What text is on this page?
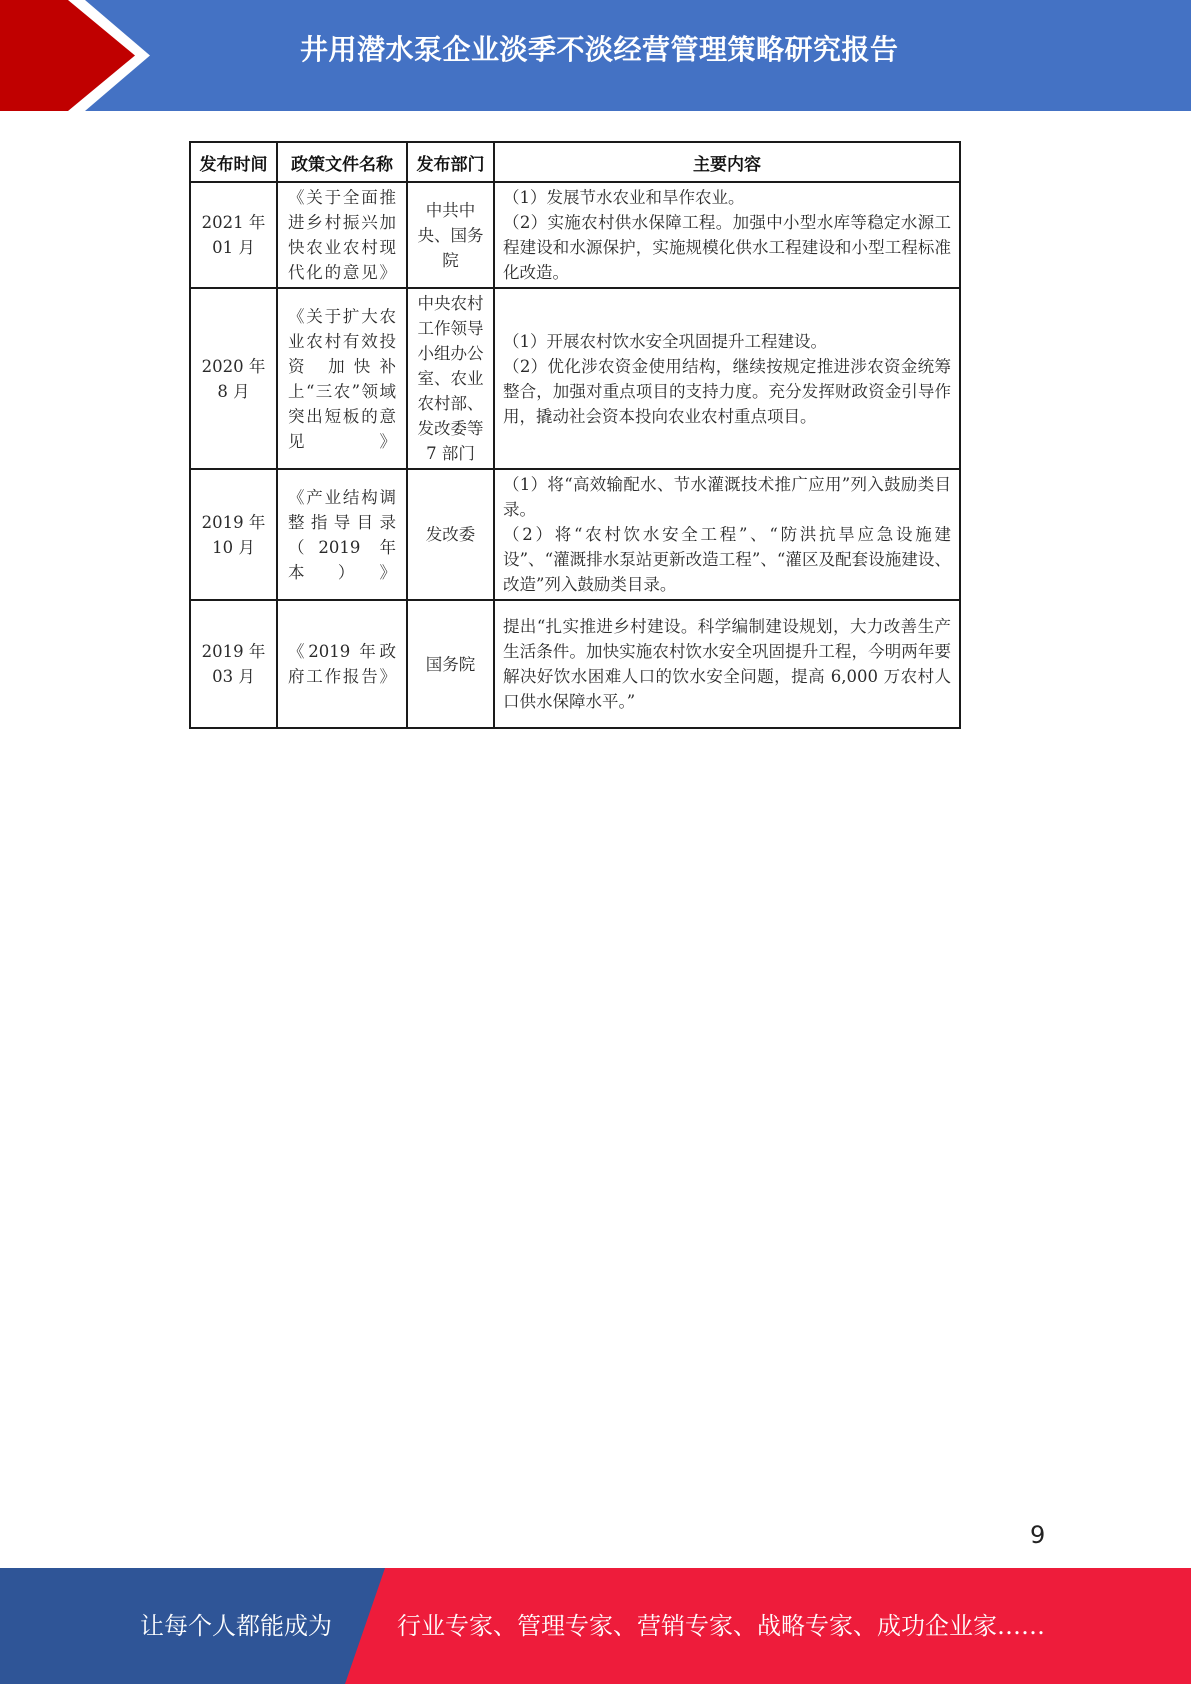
井用潜水泵企业淡季不淡经营管理策略研究报告
发布时间	政策文件名称	发布部门	主要内容
2021 年 01 月	《关于全面推进乡村振兴加快农业农村现代化的意见》	中共中央、国务院	（1）发展节水农业和旱作农业。
（2）实施农村供水保障工程。加强中小型水库等稳定水源工程建设和水源保护，实施规模化供水工程建设和小型工程标准化改造。

2020 年 8 月	《关于扩大农业农村有效投资 加快补上“三农”领域突出短板的意见》	中央农村工作领导小组办公室、农业农村部、发改委等 7 部门	（1）开展农村饮水安全巩固提升工程建设。
（2）优化涉农资金使用结构，继续按规定推进涉农资金统筹整合，加强对重点项目的支持力度。充分发挥财政资金引导作用，撬动社会资本投向农业农村重点项目。

2019 年 10 月	《产业结构调整指导目录（2019 年本）》	发改委	（1）将“高效输配水、节水灌溉技术推广应用”列入鼓励类目录。
（2）将“农村饮水安全工程”、“防洪抗旱应急设施建设”、“灌溉排水泵站更新改造工程”、“灌区及配套设施建设、改造”列入鼓励类目录。

2019 年 03 月	《2019 年政府工作报告》	国务院	提出“扎实推进乡村建设。科学编制建设规划，大力改善生产生活条件。加快实施农村饮水安全巩固提升工程，今明两年要解决好饮水困难人口的饮水安全问题，提高 6,000 万农村人口供水保障水平。”
9
让每个人都能成为	行业专家、管理专家、营销专家、战略专家、成功企业家……
